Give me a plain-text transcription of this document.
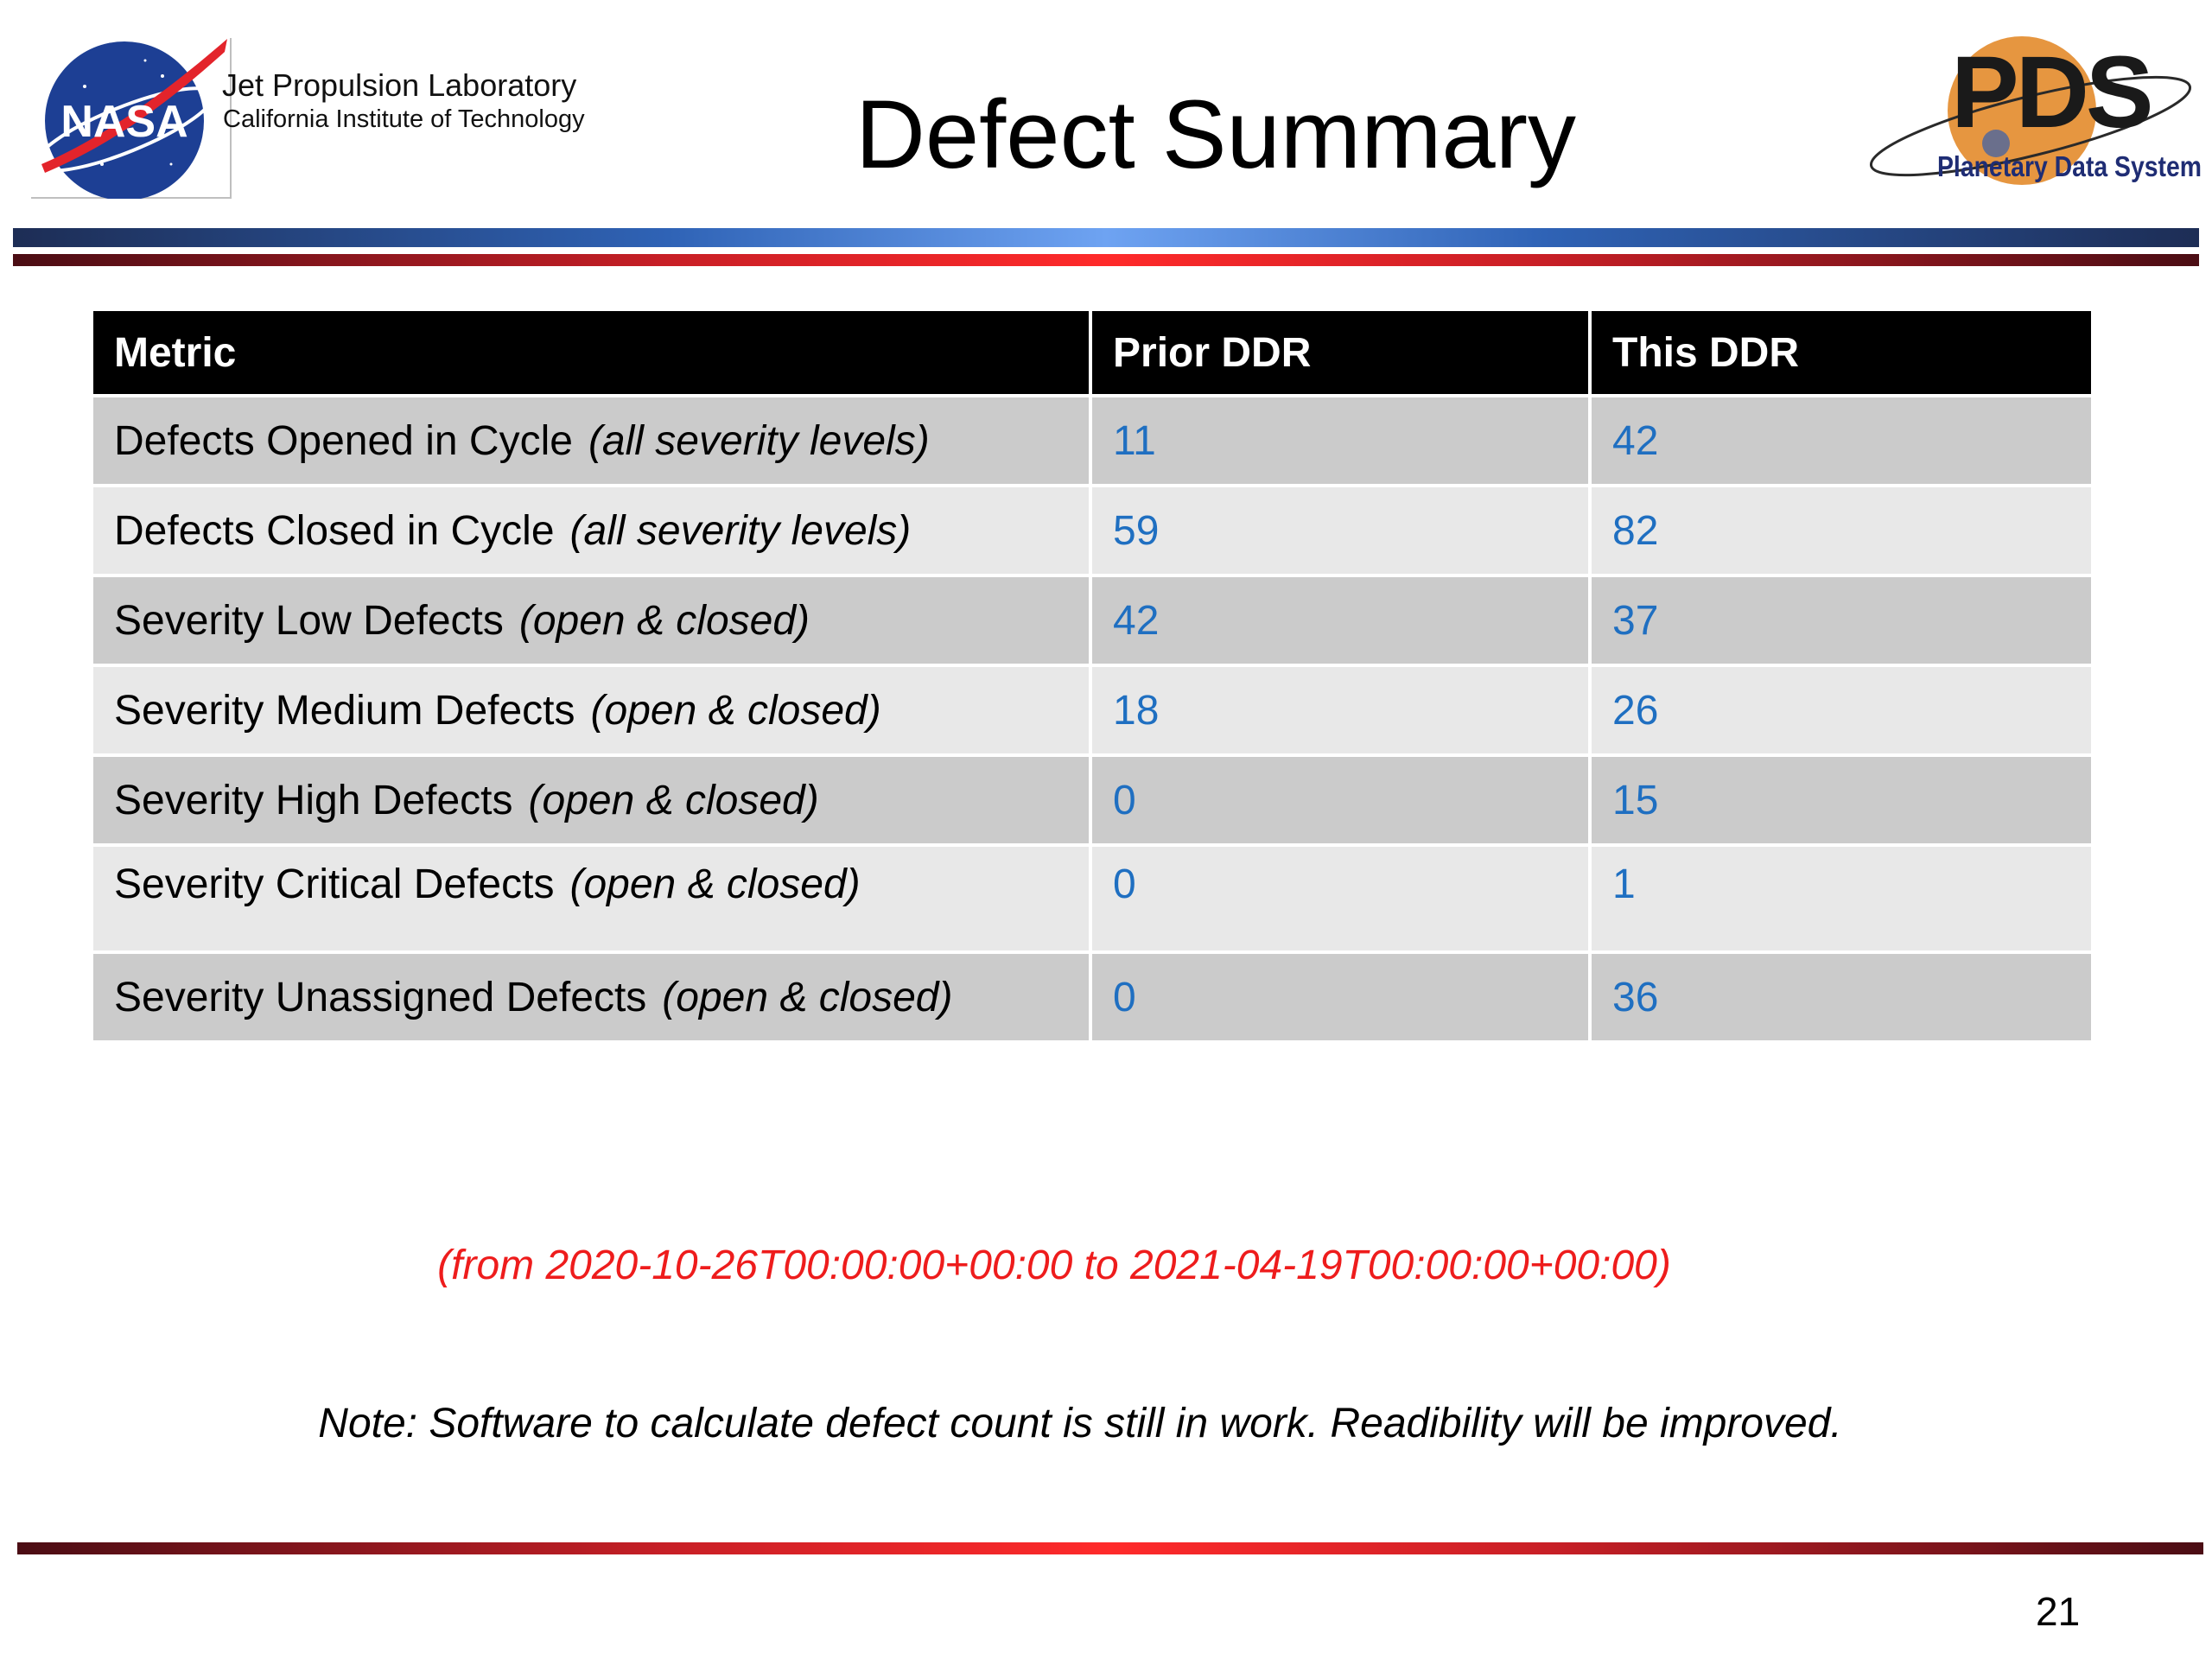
NASA
Jet Propulsion Laboratory
California Institute of Technology	Defect Summary	PDS
Planetary Data System
Metric	Prior DDR	This DDR
Defects Opened in Cycle (all severity levels)	11	42
Defects Closed in Cycle (all severity levels)	59	82
Severity Low Defects (open & closed)	42	37
Severity Medium Defects (open & closed)	18	26
Severity High Defects (open & closed)	0	15
Severity Critical Defects (open & closed)	0	1
Severity Unassigned Defects (open & closed)	0	36
(from 2020-10-26T00:00:00+00:00 to 2021-04-19T00:00:00+00:00)
Note: Software to calculate defect count is still in work. Readibility will be improved.
21
